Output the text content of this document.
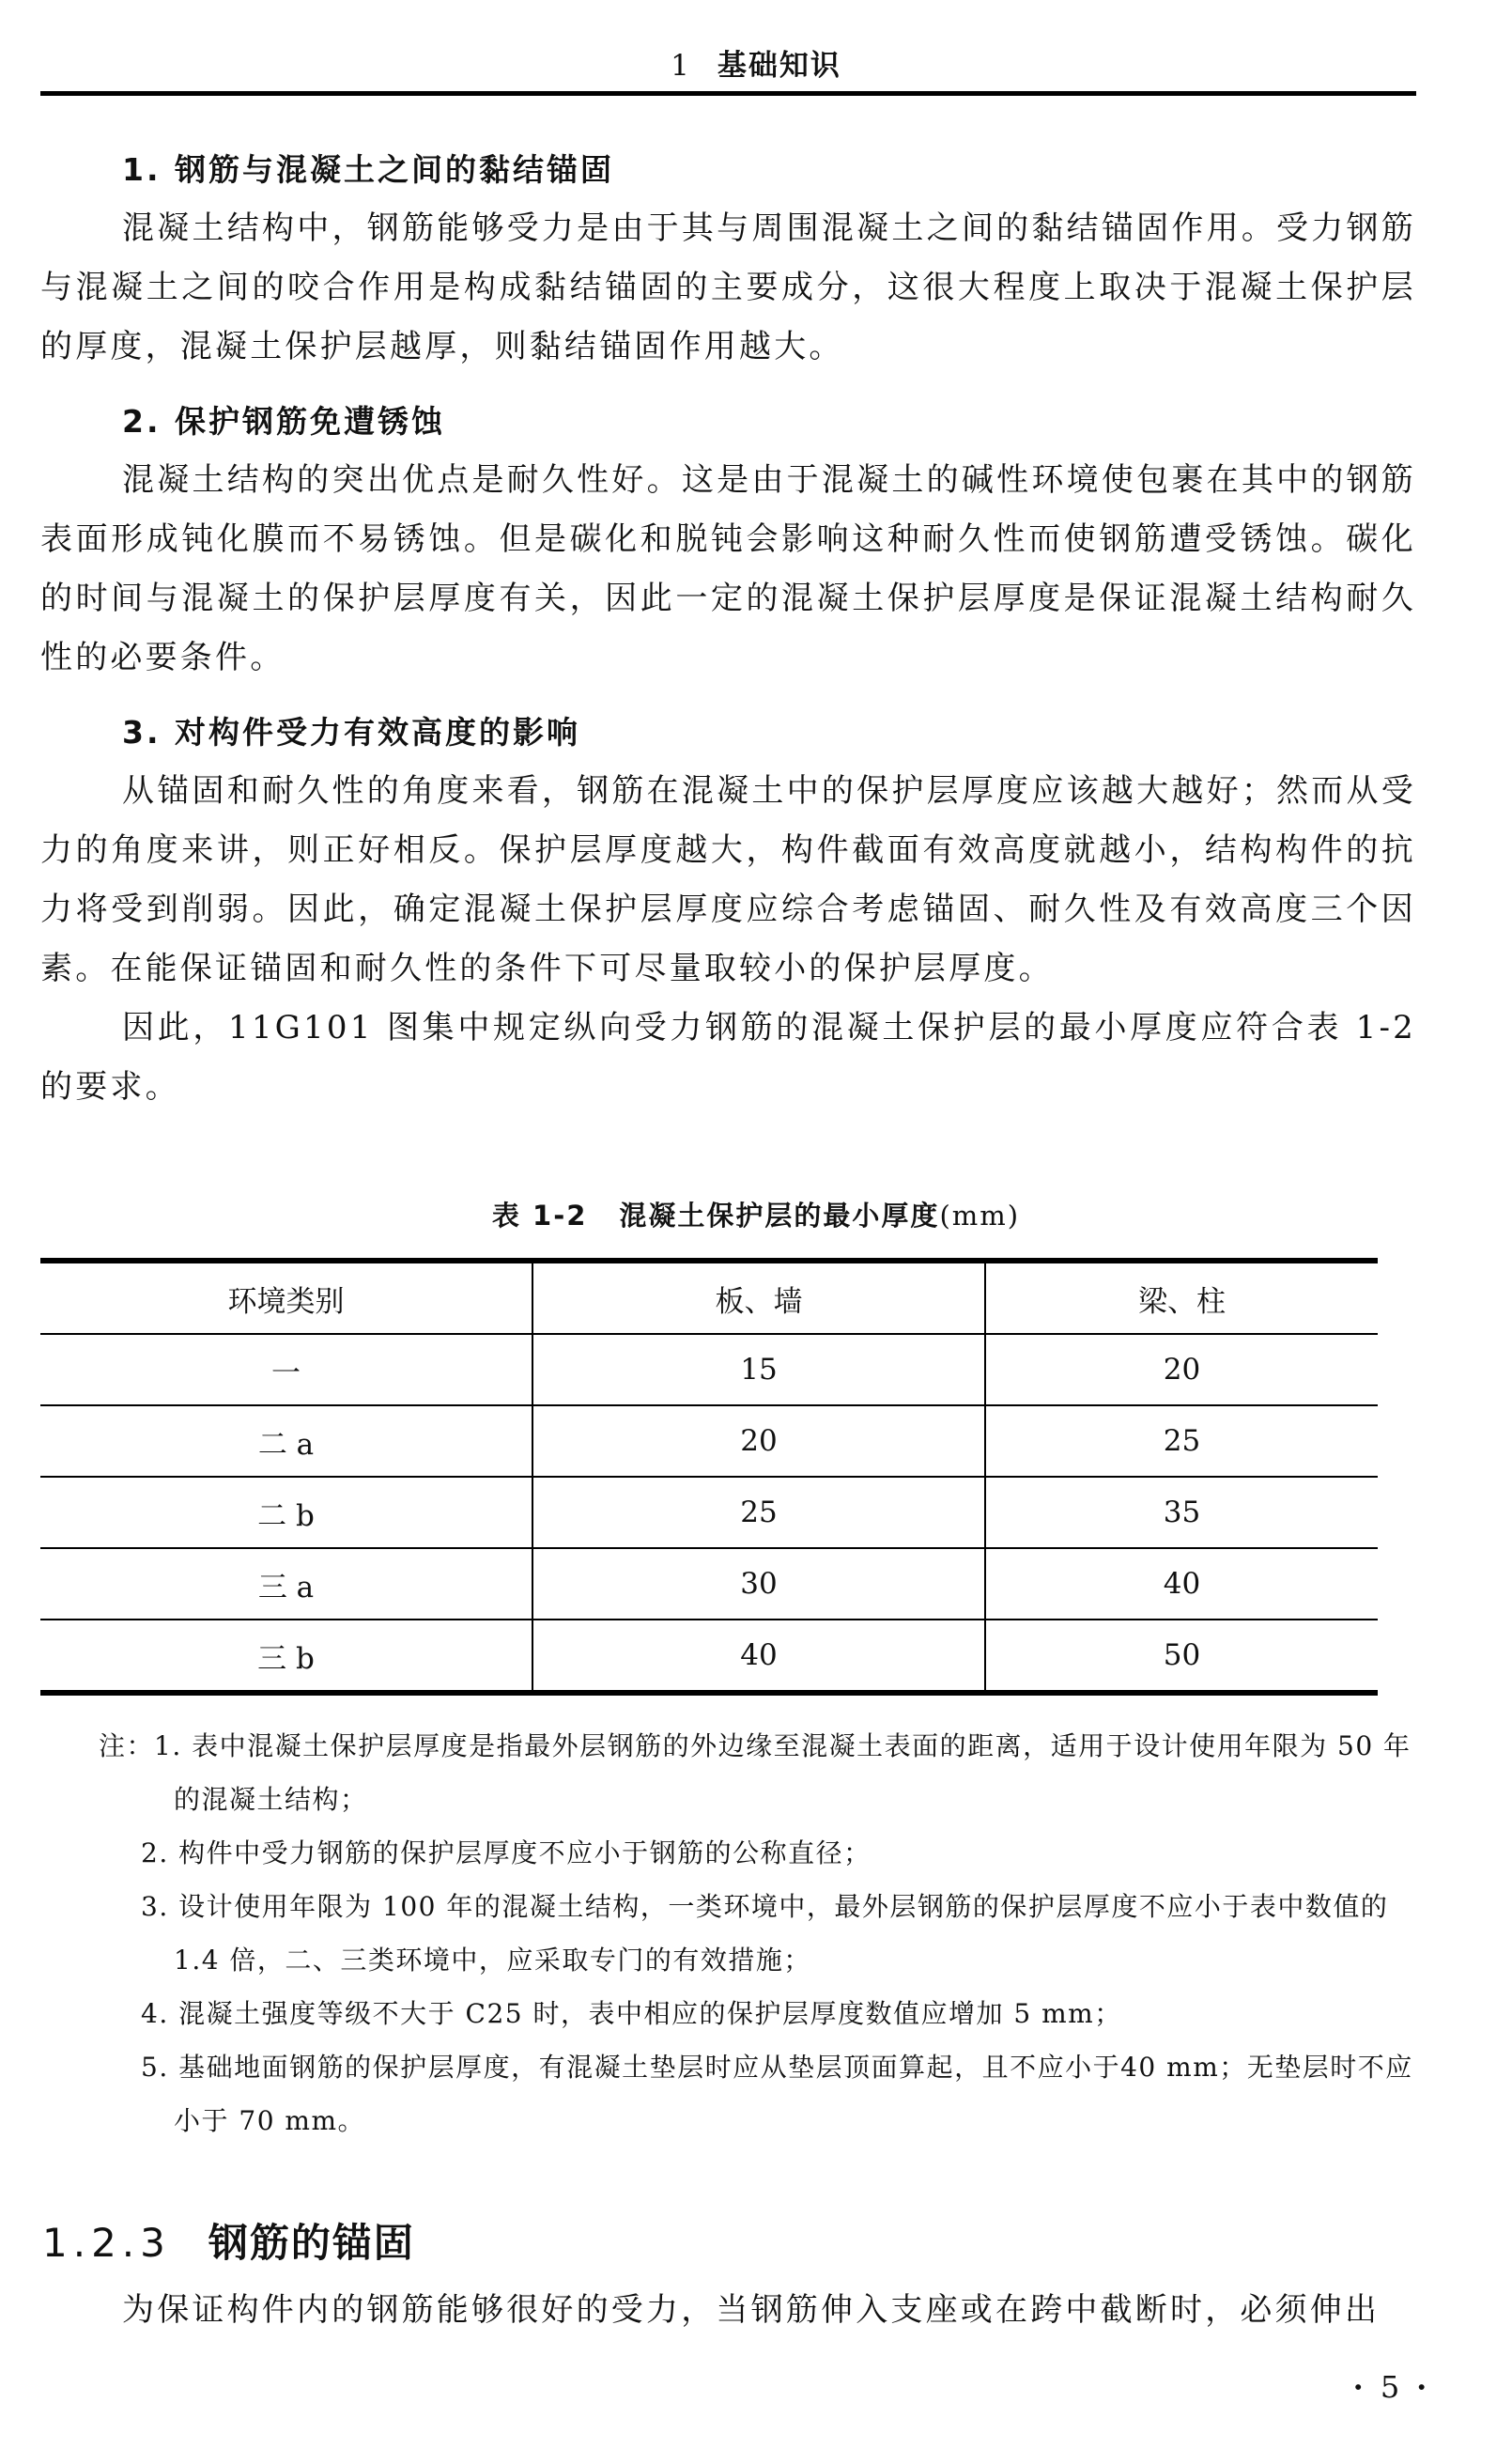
1 基础知识

1. 钢筋与混凝土之间的黏结锚固

混凝土结构中，钢筋能够受力是由于其与周围混凝土之间的黏结锚固作用。受力钢筋与混凝土之间的咬合作用是构成黏结锚固的主要成分，这很大程度上取决于混凝土保护层的厚度，混凝土保护层越厚，则黏结锚固作用越大。

2. 保护钢筋免遭锈蚀

混凝土结构的突出优点是耐久性好。这是由于混凝土的碱性环境使包裹在其中的钢筋表面形成钝化膜而不易锈蚀。但是碳化和脱钝会影响这种耐久性而使钢筋遭受锈蚀。碳化的时间与混凝土的保护层厚度有关，因此一定的混凝土保护层厚度是保证混凝土结构耐久性的必要条件。

3. 对构件受力有效高度的影响

从锚固和耐久性的角度来看，钢筋在混凝土中的保护层厚度应该越大越好；然而从受力的角度来讲，则正好相反。保护层厚度越大，构件截面有效高度就越小，结构构件的抗力将受到削弱。因此，确定混凝土保护层厚度应综合考虑锚固、耐久性及有效高度三个因素。在能保证锚固和耐久性的条件下可尽量取较小的保护层厚度。

因此，11G101 图集中规定纵向受力钢筋的混凝土保护层的最小厚度应符合表 1-2 的要求。

表 1-2 混凝土保护层的最小厚度(mm)
环境类别	板、墙	梁、柱
一	15	20
二 a	20	25
二 b	25	35
三 a	30	40
三 b	40	50

注：1. 表中混凝土保护层厚度是指最外层钢筋的外边缘至混凝土表面的距离，适用于设计使用年限为 50 年的混凝土结构；

2. 构件中受力钢筋的保护层厚度不应小于钢筋的公称直径；

3. 设计使用年限为 100 年的混凝土结构，一类环境中，最外层钢筋的保护层厚度不应小于表中数值的 1.4 倍，二、三类环境中，应采取专门的有效措施；

4. 混凝土强度等级不大于 C25 时，表中相应的保护层厚度数值应增加 5 mm；

5. 基础地面钢筋的保护层厚度，有混凝土垫层时应从垫层顶面算起，且不应小于40 mm；无垫层时不应小于 70 mm。

1.2.3 钢筋的锚固

为保证构件内的钢筋能够很好的受力，当钢筋伸入支座或在跨中截断时，必须伸出

· 5 ·
